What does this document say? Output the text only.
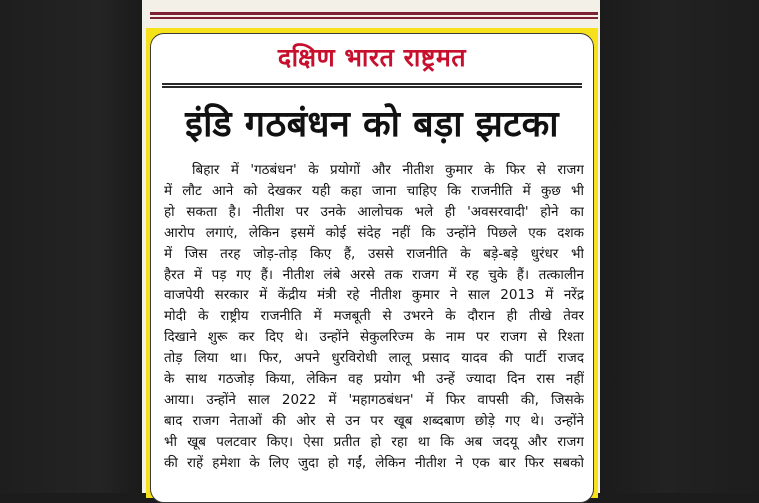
दक्षिण भारत राष्ट्रमत
इंडि गठबंधन को बड़ा झटका
बिहार में 'गठबंधन' के प्रयोगों और नीतीश कुमार के फिर से राजग
में लौट आने को देखकर यही कहा जाना चाहिए कि राजनीति में कुछ भी
हो सकता है। नीतीश पर उनके आलोचक भले ही 'अवसरवादी' होने का
आरोप लगाएं, लेकिन इसमें कोई संदेह नहीं कि उन्होंने पिछले एक दशक
में जिस तरह जोड़-तोड़ किए हैं, उससे राजनीति के बड़े-बड़े धुरंधर भी
हैरत में पड़ गए हैं। नीतीश लंबे अरसे तक राजग में रह चुके हैं। तत्कालीन
वाजपेयी सरकार में केंद्रीय मंत्री रहे नीतीश कुमार ने साल 2013 में नरेंद्र
मोदी के राष्ट्रीय राजनीति में मजबूती से उभरने के दौरान ही तीखे तेवर
दिखाने शुरू कर दिए थे। उन्होंने सेकुलरिज्म के नाम पर राजग से रिश्ता
तोड़ लिया था। फिर, अपने धुरविरोधी लालू प्रसाद यादव की पार्टी राजद
के साथ गठजोड़ किया, लेकिन वह प्रयोग भी उन्हें ज्यादा दिन रास नहीं
आया। उन्होंने साल 2022 में 'महागठबंधन' में फिर वापसी की, जिसके
बाद राजग नेताओं की ओर से उन पर खूब शब्दबाण छोड़े गए थे। उन्होंने
भी खूब पलटवार किए। ऐसा प्रतीत हो रहा था कि अब जदयू और राजग
की राहें हमेशा के लिए जुदा हो गईं, लेकिन नीतीश ने एक बार फिर सबको
